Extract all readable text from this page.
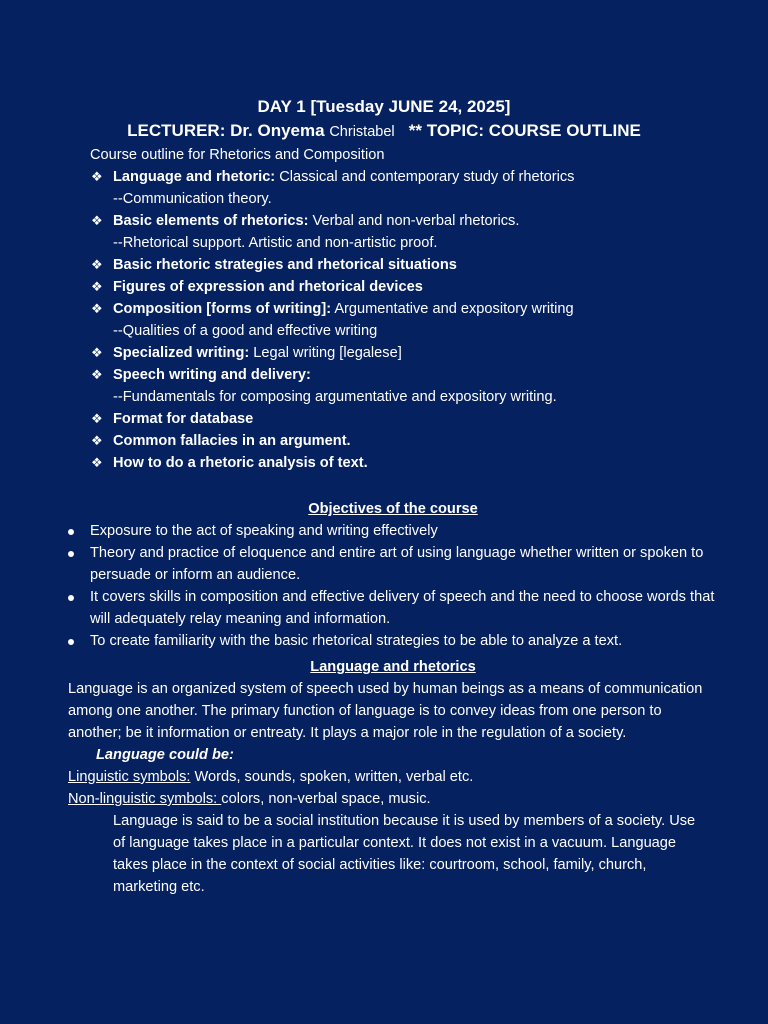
DAY 1 [Tuesday JUNE 24, 2025]
LECTURER: Dr. Onyema Christabel ** TOPIC: COURSE OUTLINE
Course outline for Rhetorics and Composition
❖ Language and rhetoric: Classical and contemporary study of rhetorics
--Communication theory.
❖ Basic elements of rhetorics: Verbal and non-verbal rhetorics.
--Rhetorical support. Artistic and non-artistic proof.
❖ Basic rhetoric strategies and rhetorical situations
❖ Figures of expression and rhetorical devices
❖ Composition [forms of writing]: Argumentative and expository writing
--Qualities of a good and effective writing
❖ Specialized writing: Legal writing [legalese]
❖ Speech writing and delivery:
--Fundamentals for composing argumentative and expository writing.
❖ Format for database
❖ Common fallacies in an argument.
❖ How to do a rhetoric analysis of text.
Objectives of the course
Exposure to the act of speaking and writing effectively
Theory and practice of eloquence and entire art of using language whether written or spoken to persuade or inform an audience.
It covers skills in composition and effective delivery of speech and the need to choose words that will adequately relay meaning and information.
To create familiarity with the basic rhetorical strategies to be able to analyze a text.
Language and rhetorics
Language is an organized system of speech used by human beings as a means of communication among one another. The primary function of language is to convey ideas from one person to another; be it information or entreaty. It plays a major role in the regulation of a society.
Language could be:
Linguistic symbols: Words, sounds, spoken, written, verbal etc.
Non-linguistic symbols: colors, non-verbal space, music.
Language is said to be a social institution because it is used by members of a society. Use of language takes place in a particular context. It does not exist in a vacuum. Language takes place in the context of social activities like: courtroom, school, family, church, marketing etc.
